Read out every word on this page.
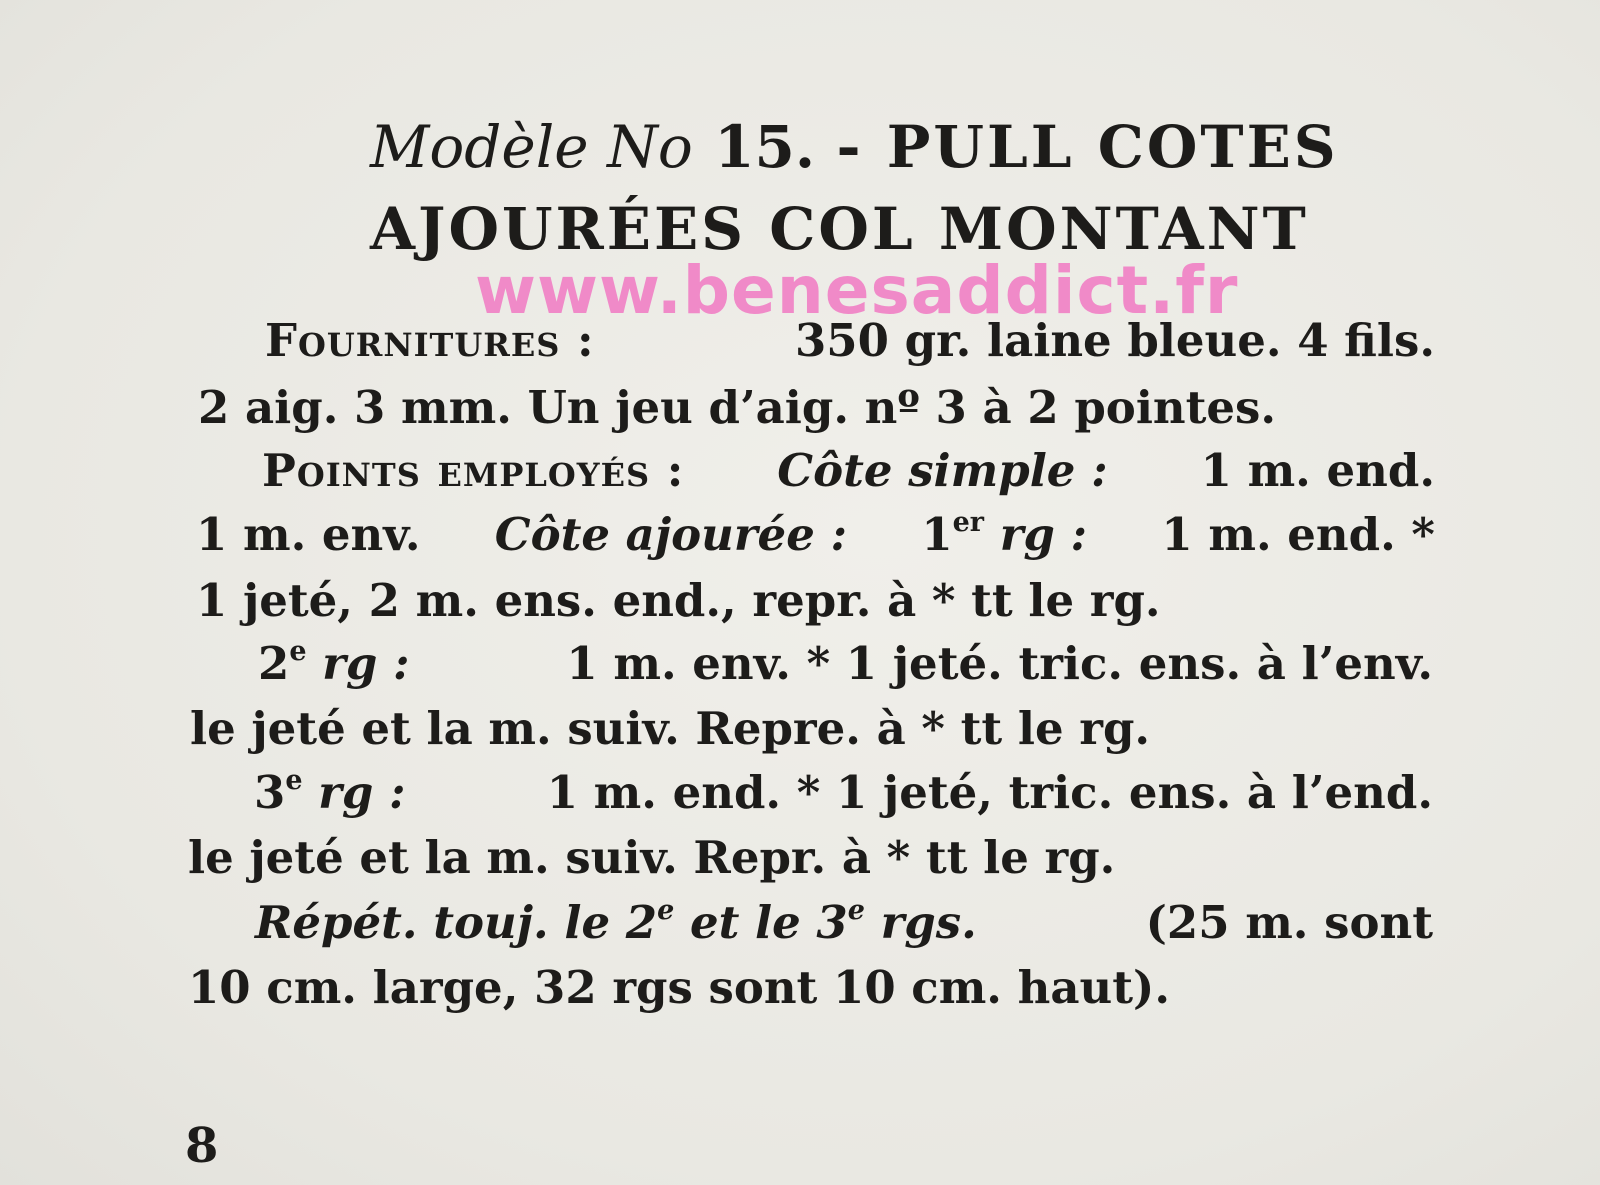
Modèle No 15. - PULL COTES
AJOURÉES COL MONTANT
www.benesaddict.fr
Fournitures :	350 gr. laine bleue. 4 fils.
2 aig. 3 mm. Un jeu d’aig. nº 3 à 2 pointes.
Points employés : Côte simple : 1 m. end.
1 m. env. Côte ajourée : 1er rg : 1 m. end. *
1 jeté, 2 m. ens. end., repr. à * tt le rg.
2e rg :	1 m. env. * 1 jeté. tric. ens. à l’env.
le jeté et la m. suiv. Repre. à * tt le rg.
3e rg :	1 m. end. * 1 jeté, tric. ens. à l’end.
le jeté et la m. suiv. Repr. à * tt le rg.
Répét. touj. le 2e et le 3e rgs.	(25 m. sont
10 cm. large, 32 rgs sont 10 cm. haut).
8
